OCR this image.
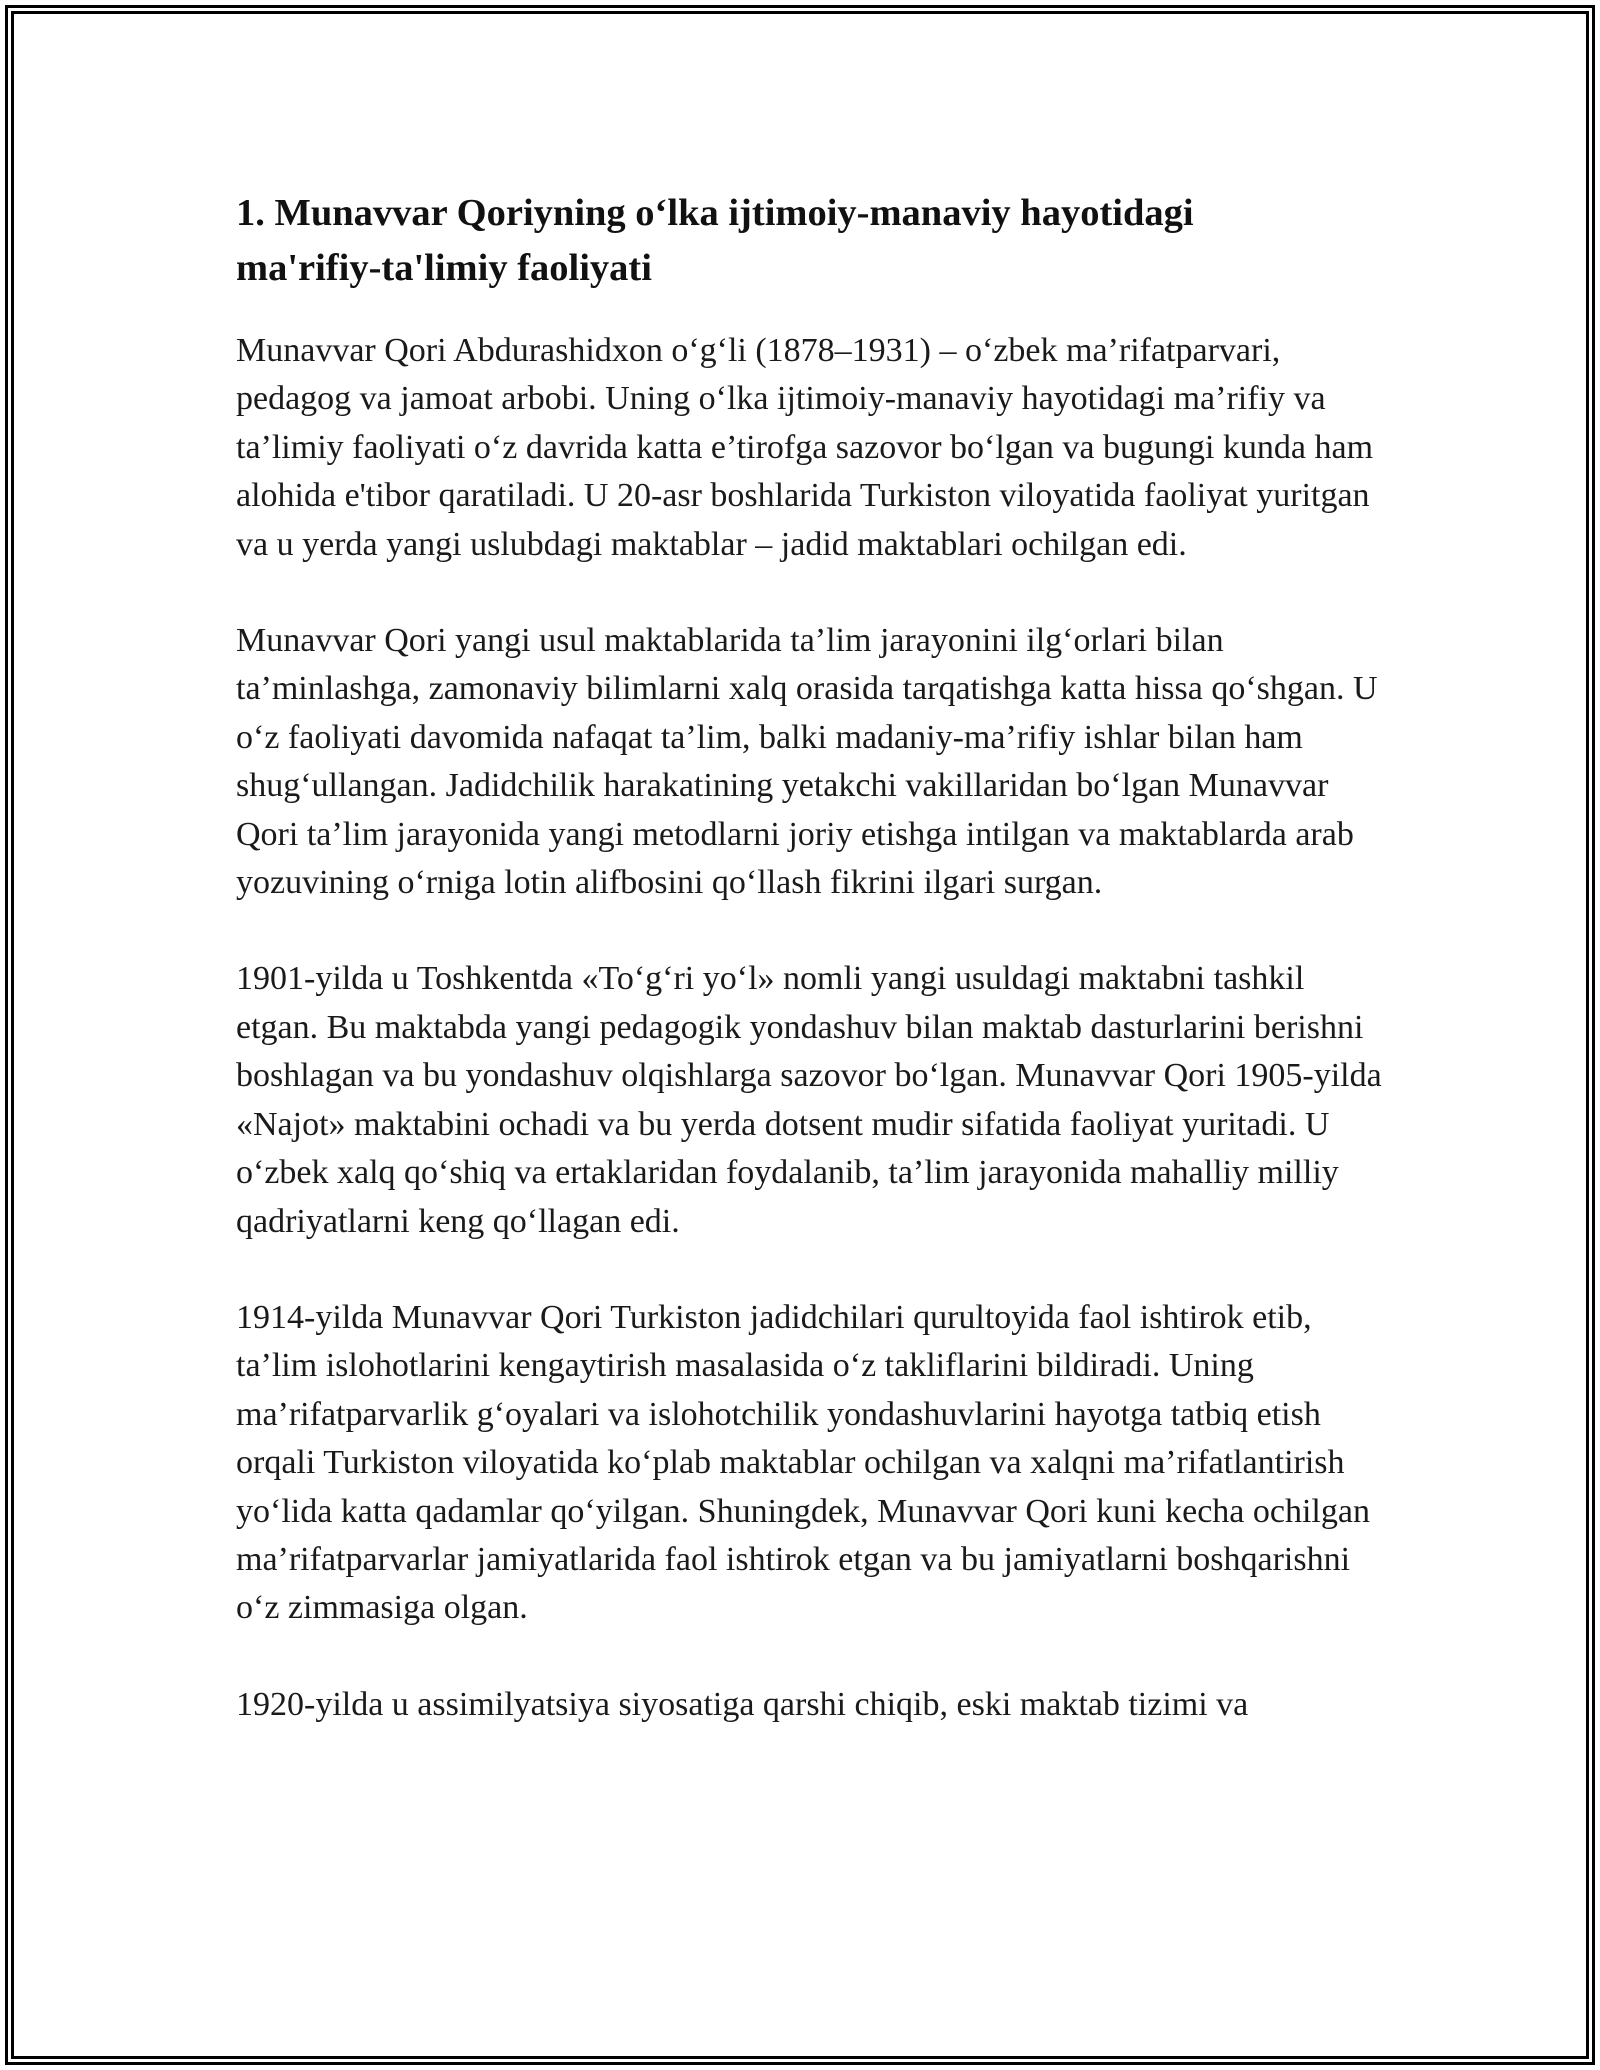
1. Munavvar Qoriyning o‘lka ijtimoiy-manaviy hayotidagi
ma'rifiy-ta'limiy faoliyati

Munavvar Qori Abdurashidxon o‘g‘li (1878–1931) – o‘zbek ma’rifatparvari, pedagog va jamoat arbobi. Uning o‘lka ijtimoiy-manaviy hayotidagi ma’rifiy va ta’limiy faoliyati o‘z davrida katta e’tirofga sazovor bo‘lgan va bugungi kunda ham alohida e'tibor qaratiladi. U 20-asr boshlarida Turkiston viloyatida faoliyat yuritgan va u yerda yangi uslubdagi maktablar – jadid maktablari ochilgan edi.

Munavvar Qori yangi usul maktablarida ta’lim jarayonini ilg‘orlari bilan ta’minlashga, zamonaviy bilimlarni xalq orasida tarqatishga katta hissa qo‘shgan. U o‘z faoliyati davomida nafaqat ta’lim, balki madaniy-ma’rifiy ishlar bilan ham shug‘ullangan. Jadidchilik harakatining yetakchi vakillaridan bo‘lgan Munavvar Qori ta’lim jarayonida yangi metodlarni joriy etishga intilgan va maktablarda arab yozuvining o‘rniga lotin alifbosini qo‘llash fikrini ilgari surgan.

1901-yilda u Toshkentda «To‘g‘ri yo‘l» nomli yangi usuldagi maktabni tashkil etgan. Bu maktabda yangi pedagogik yondashuv bilan maktab dasturlarini berishni boshlagan va bu yondashuv olqishlarga sazovor bo‘lgan. Munavvar Qori 1905-yilda «Najot» maktabini ochadi va bu yerda dotsent mudir sifatida faoliyat yuritadi. U o‘zbek xalq qo‘shiq va ertaklaridan foydalanib, ta’lim jarayonida mahalliy milliy qadriyatlarni keng qo‘llagan edi.

1914-yilda Munavvar Qori Turkiston jadidchilari qurultoyida faol ishtirok etib, ta’lim islohotlarini kengaytirish masalasida o‘z takliflarini bildiradi. Uning ma’rifatparvarlik g‘oyalari va islohotchilik yondashuvlarini hayotga tatbiq etish orqali Turkiston viloyatida ko‘plab maktablar ochilgan va xalqni ma’rifatlantirish yo‘lida katta qadamlar qo‘yilgan. Shuningdek, Munavvar Qori kuni kecha ochilgan ma’rifatparvarlar jamiyatlarida faol ishtirok etgan va bu jamiyatlarni boshqarishni o‘z zimmasiga olgan.

1920-yilda u assimilyatsiya siyosatiga qarshi chiqib, eski maktab tizimi va
